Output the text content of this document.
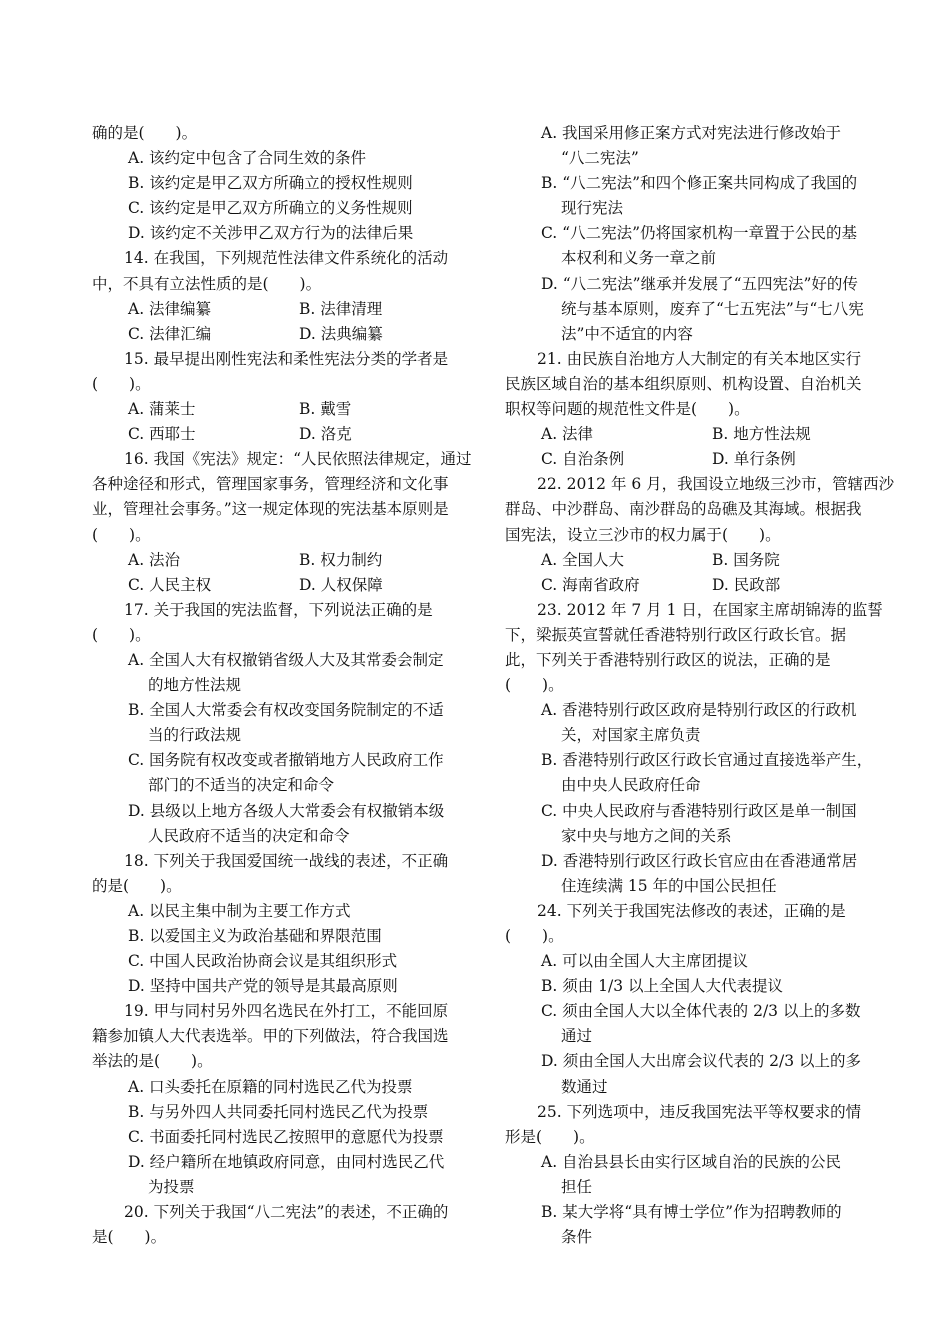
确的是(　　)。
A. 该约定中包含了合同生效的条件
B. 该约定是甲乙双方所确立的授权性规则
C. 该约定是甲乙双方所确立的义务性规则
D. 该约定不关涉甲乙双方行为的法律后果
14. 在我国，下列规范性法律文件系统化的活动
中，不具有立法性质的是(　　)。
A. 法律编纂	B. 法律清理
C. 法律汇编	D. 法典编纂
15. 最早提出刚性宪法和柔性宪法分类的学者是
(　　)。
A. 蒲莱士	B. 戴雪
C. 西耶士	D. 洛克
16. 我国《宪法》规定：“人民依照法律规定，通过
各种途径和形式，管理国家事务，管理经济和文化事
业，管理社会事务。”这一规定体现的宪法基本原则是
(　　)。
A. 法治	B. 权力制约
C. 人民主权	D. 人权保障
17. 关于我国的宪法监督，下列说法正确的是
(　　)。
A. 全国人大有权撤销省级人大及其常委会制定
的地方性法规
B. 全国人大常委会有权改变国务院制定的不适
当的行政法规
C. 国务院有权改变或者撤销地方人民政府工作
部门的不适当的决定和命令
D. 县级以上地方各级人大常委会有权撤销本级
人民政府不适当的决定和命令
18. 下列关于我国爱国统一战线的表述，不正确
的是(　　)。
A. 以民主集中制为主要工作方式
B. 以爱国主义为政治基础和界限范围
C. 中国人民政治协商会议是其组织形式
D. 坚持中国共产党的领导是其最高原则
19. 甲与同村另外四名选民在外打工，不能回原
籍参加镇人大代表选举。甲的下列做法，符合我国选
举法的是(　　)。
A. 口头委托在原籍的同村选民乙代为投票
B. 与另外四人共同委托同村选民乙代为投票
C. 书面委托同村选民乙按照甲的意愿代为投票
D. 经户籍所在地镇政府同意，由同村选民乙代
为投票
20. 下列关于我国“八二宪法”的表述，不正确的
是(　　)。
A. 我国采用修正案方式对宪法进行修改始于
“八二宪法”
B. “八二宪法”和四个修正案共同构成了我国的
现行宪法
C. “八二宪法”仍将国家机构一章置于公民的基
本权利和义务一章之前
D. “八二宪法”继承并发展了“五四宪法”好的传
统与基本原则，废弃了“七五宪法”与“七八宪
法”中不适宜的内容
21. 由民族自治地方人大制定的有关本地区实行
民族区域自治的基本组织原则、机构设置、自治机关
职权等问题的规范性文件是(　　)。
A. 法律	B. 地方性法规
C. 自治条例	D. 单行条例
22. 2012 年 6 月，我国设立地级三沙市，管辖西沙
群岛、中沙群岛、南沙群岛的岛礁及其海域。根据我
国宪法，设立三沙市的权力属于(　　)。
A. 全国人大	B. 国务院
C. 海南省政府	D. 民政部
23. 2012 年 7 月 1 日，在国家主席胡锦涛的监誓
下，梁振英宣誓就任香港特别行政区行政长官。据
此，下列关于香港特别行政区的说法，正确的是
(　　)。
A. 香港特别行政区政府是特别行政区的行政机
关，对国家主席负责
B. 香港特别行政区行政长官通过直接选举产生，
由中央人民政府任命
C. 中央人民政府与香港特别行政区是单一制国
家中央与地方之间的关系
D. 香港特别行政区行政长官应由在香港通常居
住连续满 15 年的中国公民担任
24. 下列关于我国宪法修改的表述，正确的是
(　　)。
A. 可以由全国人大主席团提议
B. 须由 1/3 以上全国人大代表提议
C. 须由全国人大以全体代表的 2/3 以上的多数
通过
D. 须由全国人大出席会议代表的 2/3 以上的多
数通过
25. 下列选项中，违反我国宪法平等权要求的情
形是(　　)。
A. 自治县县长由实行区域自治的民族的公民
担任
B. 某大学将“具有博士学位”作为招聘教师的
条件
